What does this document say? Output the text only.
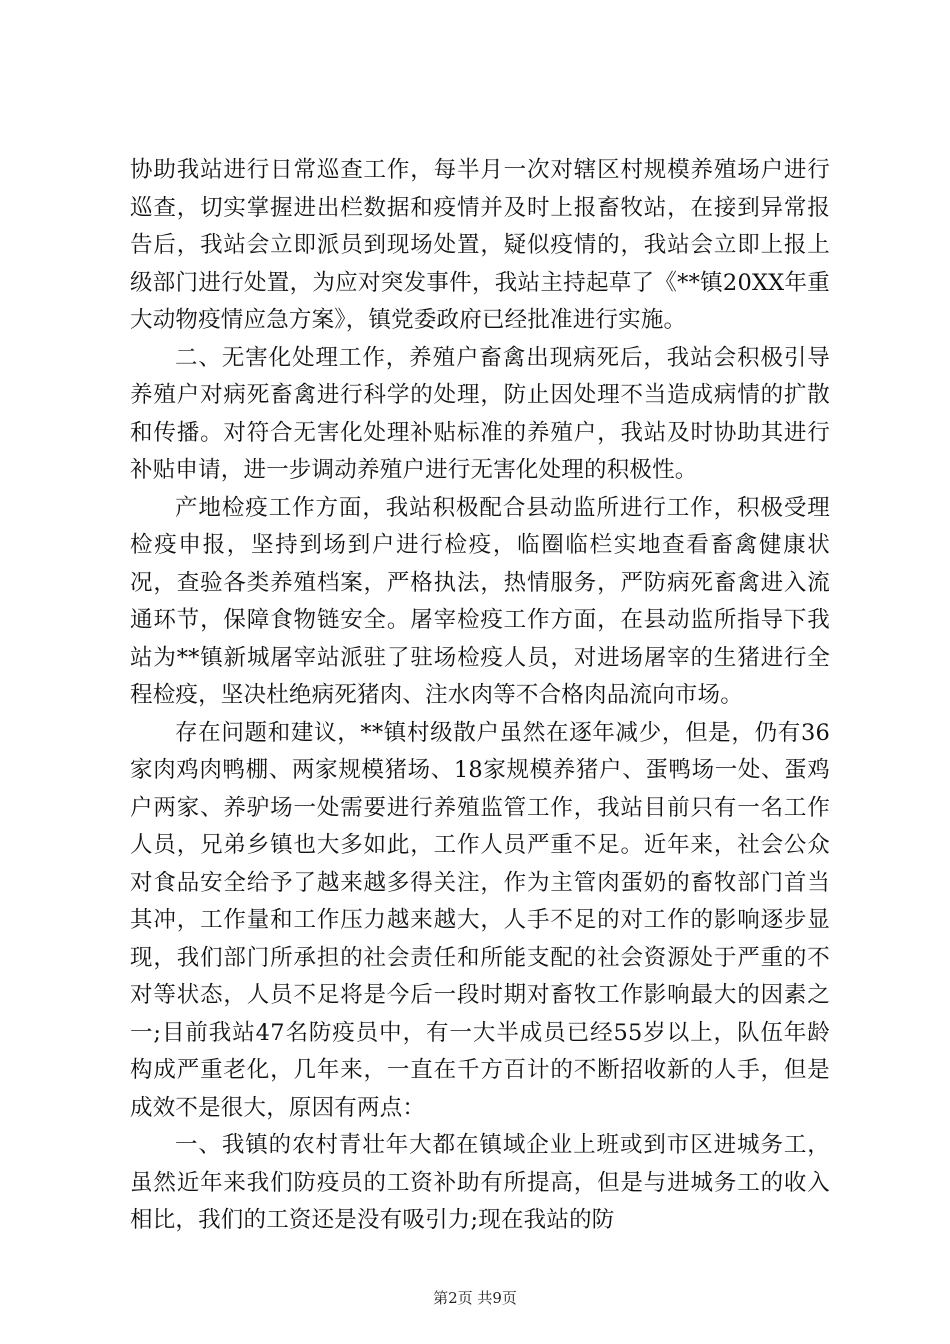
协助我站进行日常巡查工作，每半月一次对辖区村规模养殖场户进行巡查，切实掌握进出栏数据和疫情并及时上报畜牧站，在接到异常报告后，我站会立即派员到现场处置，疑似疫情的，我站会立即上报上级部门进行处置，为应对突发事件，我站主持起草了《**镇20XX年重大动物疫情应急方案》，镇党委政府已经批准进行实施。

二、无害化处理工作，养殖户畜禽出现病死后，我站会积极引导养殖户对病死畜禽进行科学的处理，防止因处理不当造成病情的扩散和传播。对符合无害化处理补贴标准的养殖户，我站及时协助其进行补贴申请，进一步调动养殖户进行无害化处理的积极性。

产地检疫工作方面，我站积极配合县动监所进行工作，积极受理检疫申报，坚持到场到户进行检疫，临圈临栏实地查看畜禽健康状况，查验各类养殖档案，严格执法，热情服务，严防病死畜禽进入流通环节，保障食物链安全。屠宰检疫工作方面，在县动监所指导下我站为**镇新城屠宰站派驻了驻场检疫人员，对进场屠宰的生猪进行全程检疫，坚决杜绝病死猪肉、注水肉等不合格肉品流向市场。

存在问题和建议，**镇村级散户虽然在逐年减少，但是，仍有36家肉鸡肉鸭棚、两家规模猪场、18家规模养猪户、蛋鸭场一处、蛋鸡户两家、养驴场一处需要进行养殖监管工作，我站目前只有一名工作人员，兄弟乡镇也大多如此，工作人员严重不足。近年来，社会公众对食品安全给予了越来越多得关注，作为主管肉蛋奶的畜牧部门首当其冲，工作量和工作压力越来越大，人手不足的对工作的影响逐步显现，我们部门所承担的社会责任和所能支配的社会资源处于严重的不对等状态，人员不足将是今后一段时期对畜牧工作影响最大的因素之一;目前我站47名防疫员中，有一大半成员已经55岁以上，队伍年龄构成严重老化，几年来，一直在千方百计的不断招收新的人手，但是成效不是很大，原因有两点：

一、我镇的农村青壮年大都在镇域企业上班或到市区进城务工，虽然近年来我们防疫员的工资补助有所提高，但是与进城务工的收入相比，我们的工资还是没有吸引力;现在我站的防

第2页 共9页
